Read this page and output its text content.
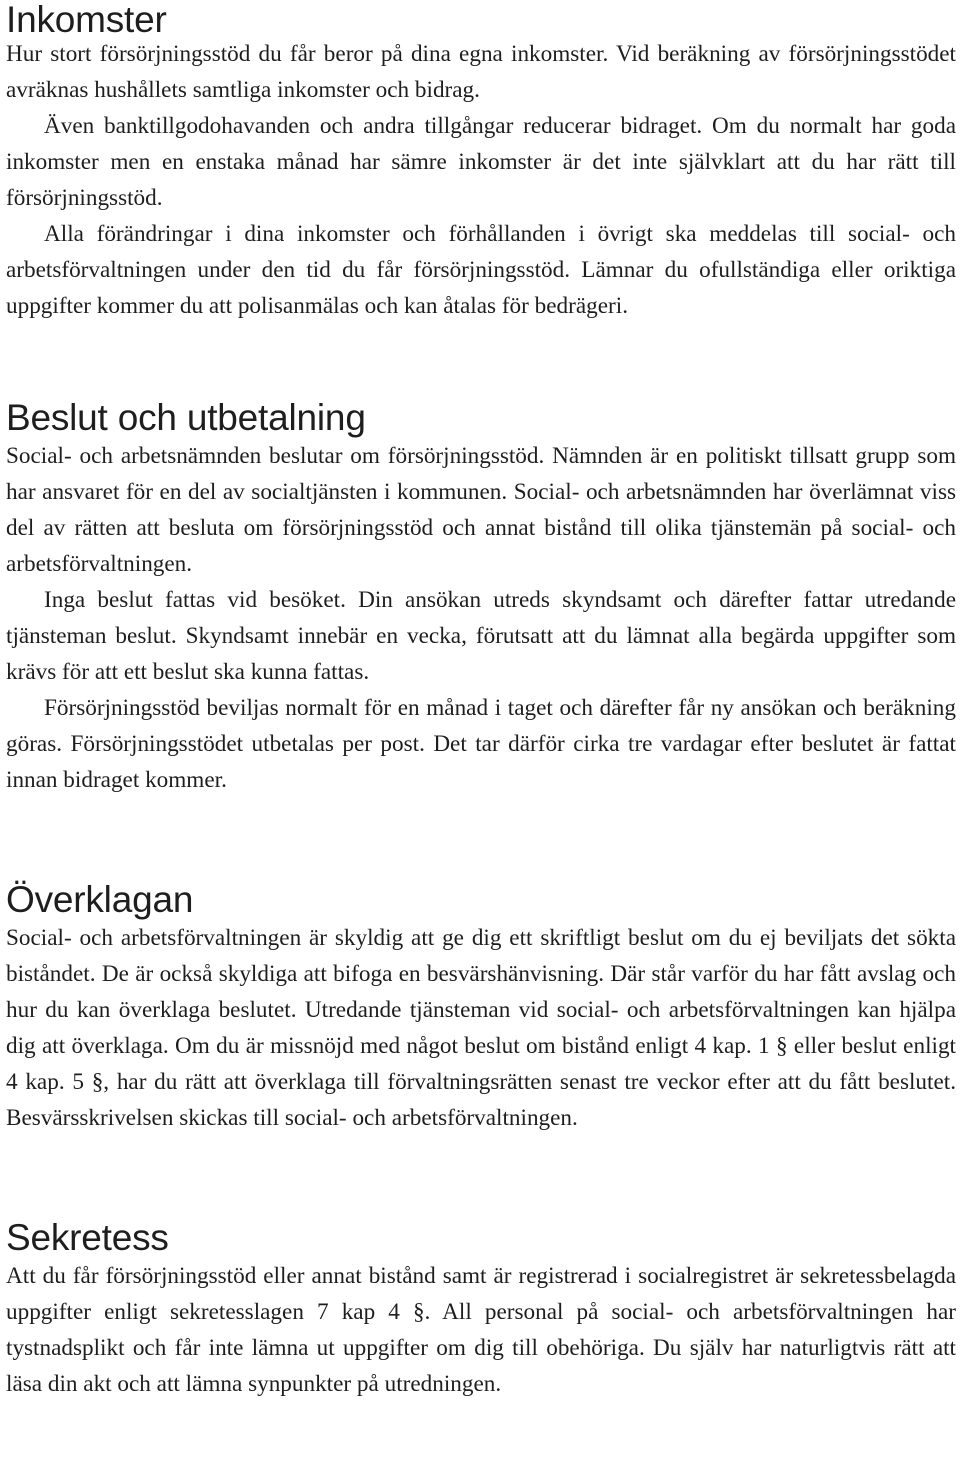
Inkomster

Hur stort försörjningsstöd du får beror på dina egna inkomster. Vid beräkning av försörjningsstödet avräknas hushållets samtliga inkomster och bidrag.

Även banktillgodohavanden och andra tillgångar reducerar bidraget. Om du normalt har goda inkomster men en enstaka månad har sämre inkomster är det inte självklart att du har rätt till försörjningsstöd.

Alla förändringar i dina inkomster och förhållanden i övrigt ska meddelas till social- och arbetsförvaltningen under den tid du får försörjningsstöd. Lämnar du ofullständiga eller oriktiga uppgifter kommer du att polisanmälas och kan åtalas för bedrägeri.

Beslut och utbetalning

Social- och arbetsnämnden beslutar om försörjningsstöd. Nämnden är en politiskt tillsatt grupp som har ansvaret för en del av socialtjänsten i kommunen. Social- och arbetsnämnden har överlämnat viss del av rätten att besluta om försörjningsstöd och annat bistånd till olika tjänstemän på social- och arbetsförvaltningen.

Inga beslut fattas vid besöket. Din ansökan utreds skyndsamt och därefter fattar utredande tjänsteman beslut. Skyndsamt innebär en vecka, förutsatt att du lämnat alla begärda uppgifter som krävs för att ett beslut ska kunna fattas.

Försörjningsstöd beviljas normalt för en månad i taget och därefter får ny ansökan och beräkning göras. Försörjningsstödet utbetalas per post. Det tar därför cirka tre vardagar efter beslutet är fattat innan bidraget kommer.

Överklagan

Social- och arbetsförvaltningen är skyldig att ge dig ett skriftligt beslut om du ej beviljats det sökta biståndet. De är också skyldiga att bifoga en besvärshänvisning. Där står varför du har fått avslag och hur du kan överklaga beslutet. Utredande tjänsteman vid social- och arbetsförvaltningen kan hjälpa dig att överklaga. Om du är missnöjd med något beslut om bistånd enligt 4 kap. 1 § eller beslut enligt 4 kap. 5 §, har du rätt att överklaga till förvaltningsrätten senast tre veckor efter att du fått beslutet. Besvärsskrivelsen skickas till social- och arbetsförvaltningen.

Sekretess

Att du får försörjningsstöd eller annat bistånd samt är registrerad i socialregistret är sekretessbelagda uppgifter enligt sekretesslagen 7 kap 4 §. All personal på social- och arbetsförvaltningen har tystnadsplikt och får inte lämna ut uppgifter om dig till obehöriga. Du själv har naturligtvis rätt att läsa din akt och att lämna synpunkter på utredningen.
